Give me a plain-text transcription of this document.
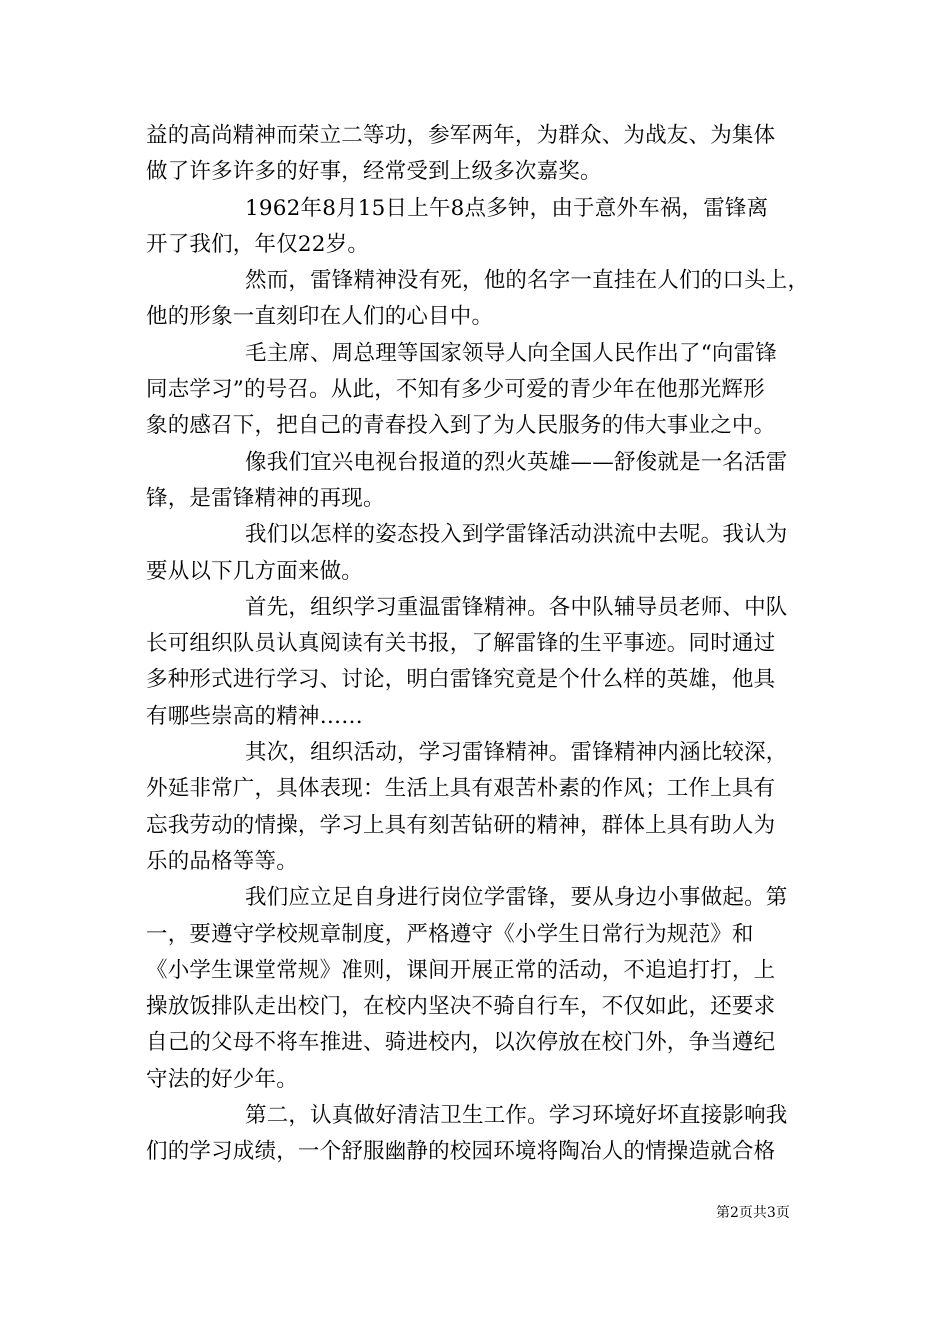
益的高尚精神而荣立二等功，参军两年，为群众、为战友、为集体
做了许多许多的好事，经常受到上级多次嘉奖。
1962年8月15日上午8点多钟，由于意外车祸，雷锋离
开了我们，年仅22岁。
然而，雷锋精神没有死，他的名字一直挂在人们的口头上，
他的形象一直刻印在人们的心目中。
毛主席、周总理等国家领导人向全国人民作出了“向雷锋
同志学习”的号召。从此，不知有多少可爱的青少年在他那光辉形
象的感召下，把自己的青春投入到了为人民服务的伟大事业之中。
像我们宜兴电视台报道的烈火英雄——舒俊就是一名活雷
锋，是雷锋精神的再现。
我们以怎样的姿态投入到学雷锋活动洪流中去呢。我认为
要从以下几方面来做。
首先，组织学习重温雷锋精神。各中队辅导员老师、中队
长可组织队员认真阅读有关书报，了解雷锋的生平事迹。同时通过
多种形式进行学习、讨论，明白雷锋究竟是个什么样的英雄，他具
有哪些崇高的精神……
其次，组织活动，学习雷锋精神。雷锋精神内涵比较深，
外延非常广，具体表现：生活上具有艰苦朴素的作风；工作上具有
忘我劳动的情操，学习上具有刻苦钻研的精神，群体上具有助人为
乐的品格等等。
我们应立足自身进行岗位学雷锋，要从身边小事做起。第
一，要遵守学校规章制度，严格遵守《小学生日常行为规范》和
《小学生课堂常规》准则，课间开展正常的活动，不追追打打，上
操放饭排队走出校门，在校内坚决不骑自行车，不仅如此，还要求
自己的父母不将车推进、骑进校内，以次停放在校门外，争当遵纪
守法的好少年。
第二，认真做好清洁卫生工作。学习环境好坏直接影响我
们的学习成绩，一个舒服幽静的校园环境将陶冶人的情操造就合格
第2页共3页
